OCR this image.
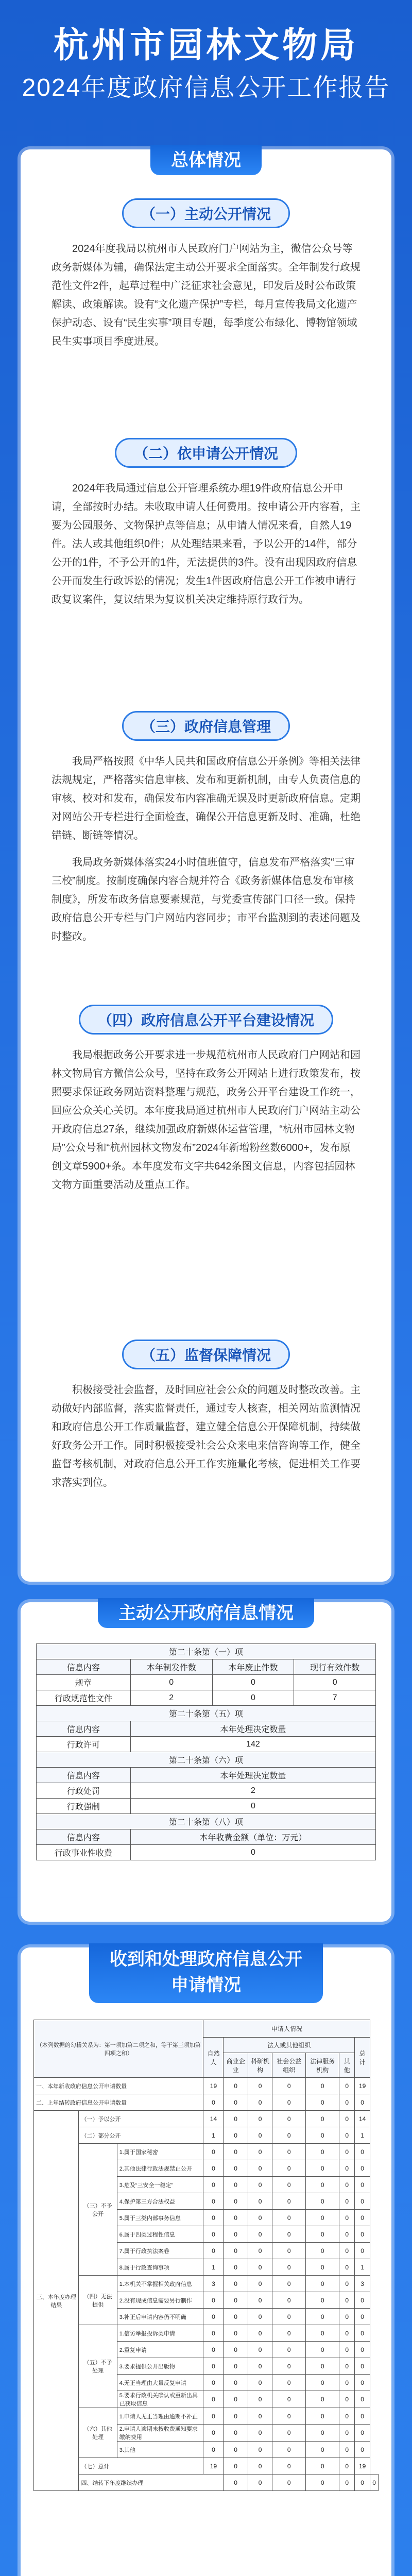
杭州市园林文物局
2024年度政府信息公开工作报告
总体情况
（一）主动公开情况

2024年度我局以杭州市人民政府门户网站为主，微信公众号等政务新媒体为辅，确保法定主动公开要求全面落实。全年制发行政规范性文件2件，起草过程中广泛征求社会意见，印发后及时公布政策解读、政策解读。设有“文化遗产保护”专栏，每月宣传我局文化遗产保护动态、设有“民生实事”项目专题，每季度公布绿化、博物馆领域民生实事项目季度进展。

（二）依申请公开情况

2024年我局通过信息公开管理系统办理19件政府信息公开申请，全部按时办结。未收取申请人任何费用。按申请公开内容看，主要为公园服务、文物保护点等信息；从申请人情况来看，自然人19件。法人或其他组织0件；从处理结果来看，予以公开的14件，部分公开的1件，不予公开的1件，无法提供的3件。没有出现因政府信息公开而发生行政诉讼的情况；发生1件因政府信息公开工作被申请行政复议案件，复议结果为复议机关决定维持原行政行为。

（三）政府信息管理

我局严格按照《中华人民共和国政府信息公开条例》等相关法律法规规定，严格落实信息审核、发布和更新机制，由专人负责信息的审核、校对和发布，确保发布内容准确无误及时更新政府信息。定期对网站公开专栏进行全面检查，确保公开信息更新及时、准确，杜绝错链、断链等情况。

我局政务新媒体落实24小时值班值守，信息发布严格落实“三审三校”制度。按制度确保内容合规并符合《政务新媒体信息发布审核制度》，所发布政务信息要素规范，与党委宣传部门口径一致。保持政府信息公开专栏与门户网站内容同步；市平台监测到的表述问题及时整改。

（四）政府信息公开平台建设情况

我局根据政务公开要求进一步规范杭州市人民政府门户网站和园林文物局官方微信公众号，坚持在政务公开网站上进行政策发布，按照要求保证政务网站资料整理与规范，政务公开平台建设工作统一，回应公众关心关切。本年度我局通过杭州市人民政府门户网站主动公开政府信息27条，继续加强政府新媒体运营管理，“杭州市园林文物局”公众号和“杭州园林文物发布”2024年新增粉丝数6000+，发布原创文章5900+条。本年度发布文字共642条图文信息，内容包括园林文物方面重要活动及重点工作。

（五）监督保障情况

积极接受社会监督，及时回应社会公众的问题及时整改改善。主动做好内部监督，落实监督责任，通过专人核查，相关网站监测情况和政府信息公开工作质量监督，建立健全信息公开保障机制，持续做好政务公开工作。同时积极接受社会公众来电来信咨询等工作，健全监督考核机制，对政府信息公开工作实施量化考核，促进相关工作要求落实到位。

主动公开政府信息情况
第二十条第（一）项			
信息内容	本年制发件数	本年废止件数	现行有效件数
规章	0	0	0
行政规范性文件	2	0	7
第二十条第（五）项			
信息内容	本年处理决定数量		
行政许可	142		
第二十条第（六）项			
信息内容	本年处理决定数量		
行政处罚	2		
行政强制	0		
第二十条第（八）项			
信息内容	本年收费金额（单位：万元）		
行政事业性收费	0		
收到和处理政府信息公开
申请情况
（本列数据的勾稽关系为：第一项加第二项之和，等于第三项加第四项之和）			申请人情况							
			自然人	法人或其他组织					总计	
				商业企业	科研机构	社会公益组织	法律服务机构	其他		
一、本年新收政府信息公开申请数量			19	0	0	0	0	0	19	
二、上年结转政府信息公开申请数量			0	0	0	0	0	0	0	
三、本年度办理结果	（一）予以公开		14	0	0	0	0	0	14	
	（二）部分公开		1	0	0	0	0	0	1	
	（三）不予公开	1.属于国家秘密	0	0	0	0	0	0	0	
		2.其他法律行政法规禁止公开	0	0	0	0	0	0	0	
		3.危及“三安全一稳定”	0	0	0	0	0	0	0	
		4.保护第三方合法权益	0	0	0	0	0	0	0	
		5.属于三类内部事务信息	0	0	0	0	0	0	0	
		6.属于四类过程性信息	0	0	0	0	0	0	0	
		7.属于行政执法案卷	0	0	0	0	0	0	0	
		8.属于行政查询事项	1	0	0	0	0	0	1	
	（四）无法提供	1.本机关不掌握相关政府信息	3	0	0	0	0	0	3	
		2.没有现成信息需要另行制作	0	0	0	0	0	0	0	
		3.补正后申请内容仍不明确	0	0	0	0	0	0	0	
	（五）不予处理	1.信访举报投诉类申请	0	0	0	0	0	0	0	
		2.重复申请	0	0	0	0	0	0	0	
		3.要求提供公开出版物	0	0	0	0	0	0	0	
		4.无正当理由大量反复申请	0	0	0	0	0	0	0	
		5.要求行政机关确认或重新出具已获取信息	0	0	0	0	0	0	0	
	（六）其他处理	1.申请人无正当理由逾期不补正	0	0	0	0	0	0	0	
		2.申请人逾期未按收费通知要求缴纳费用	0	0	0	0	0	0	0	
		3.其他	0	0	0	0	0	0	0	
	（七）总计		19	0	0	0	0	0	19	
	四、结转下年度继续办理			0	0	0	0	0	0	0
